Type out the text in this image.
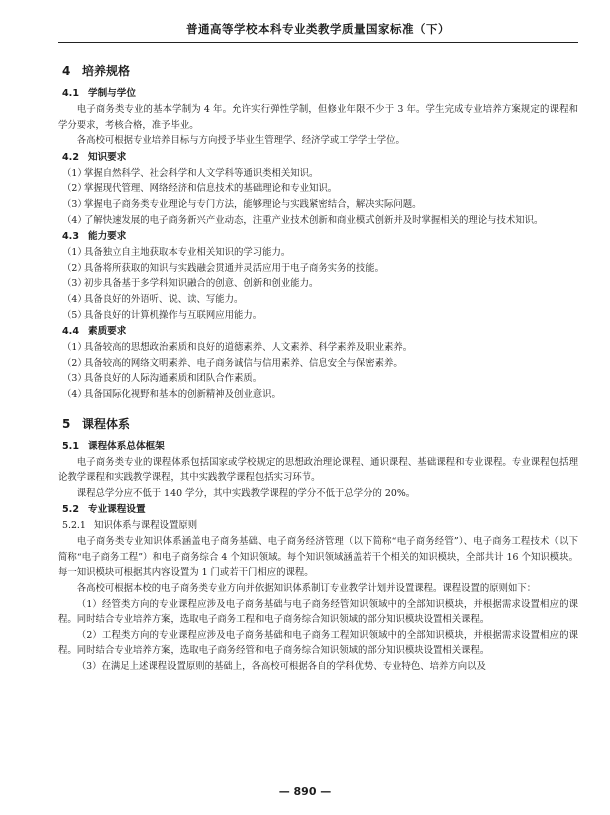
普通高等学校本科专业类教学质量国家标准（下）
4 培养规格
4.1 学制与学位

电子商务类专业的基本学制为 4 年。允许实行弹性学制，但修业年限不少于 3 年。学生完成专业培养方案规定的课程和学分要求，考核合格，准予毕业。

各高校可根据专业培养目标与方向授予毕业生管理学、经济学或工学学士学位。

4.2 知识要求

（1）掌握自然科学、社会科学和人文学科等通识类相关知识。

（2）掌握现代管理、网络经济和信息技术的基础理论和专业知识。

（3）掌握电子商务类专业理论与专门方法，能够理论与实践紧密结合，解决实际问题。

（4）了解快速发展的电子商务新兴产业动态，注重产业技术创新和商业模式创新并及时掌握相关的理论与技术知识。

4.3 能力要求

（1）具备独立自主地获取本专业相关知识的学习能力。

（2）具备将所获取的知识与实践融会贯通并灵活应用于电子商务实务的技能。

（3）初步具备基于多学科知识融合的创意、创新和创业能力。

（4）具备良好的外语听、说、读、写能力。

（5）具备良好的计算机操作与互联网应用能力。

4.4 素质要求

（1）具备较高的思想政治素质和良好的道德素养、人文素养、科学素养及职业素养。

（2）具备较高的网络文明素养、电子商务诚信与信用素养、信息安全与保密素养。

（3）具备良好的人际沟通素质和团队合作素质。

（4）具备国际化视野和基本的创新精神及创业意识。

5 课程体系
5.1 课程体系总体框架

电子商务类专业的课程体系包括国家或学校规定的思想政治理论课程、通识课程、基础课程和专业课程。专业课程包括理论教学课程和实践教学课程，其中实践教学课程包括实习环节。

课程总学分应不低于 140 学分，其中实践教学课程的学分不低于总学分的 20%。

5.2 专业课程设置
5.2.1 知识体系与课程设置原则

电子商务类专业知识体系涵盖电子商务基础、电子商务经济管理（以下简称“电子商务经管”）、电子商务工程技术（以下简称“电子商务工程”）和电子商务综合 4 个知识领域。每个知识领域涵盖若干个相关的知识模块，全部共计 16 个知识模块。每一知识模块可根据其内容设置为 1 门或若干门相应的课程。

各高校可根据本校的电子商务类专业方向并依据知识体系制订专业教学计划并设置课程。课程设置的原则如下：

（1）经管类方向的专业课程应涉及电子商务基础与电子商务经管知识领域中的全部知识模块，并根据需求设置相应的课程。同时结合专业培养方案，选取电子商务工程和电子商务综合知识领域的部分知识模块设置相关课程。

（2）工程类方向的专业课程应涉及电子商务基础和电子商务工程知识领域中的全部知识模块，并根据需求设置相应的课程。同时结合专业培养方案，选取电子商务经管和电子商务综合知识领域的部分知识模块设置相关课程。

（3）在满足上述课程设置原则的基础上，各高校可根据各自的学科优势、专业特色、培养方向以及

— 890 —
